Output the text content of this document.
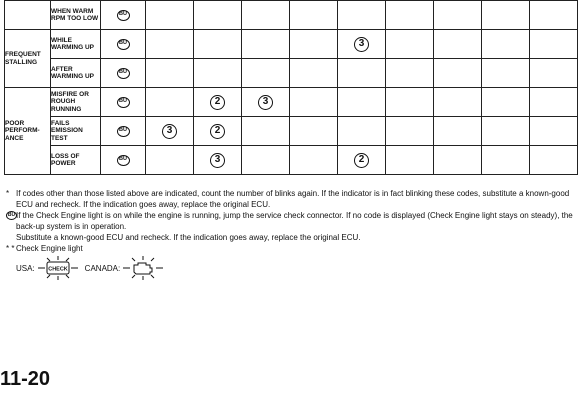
	WHEN WARM RPM TOO LOW	BU									
FREQUENT STALLING	WHILE WARMING UP	BU					3				
	AFTER WARMING UP	BU									
POOR PERFORM- ANCE	MISFIRE OR ROUGH RUNNING	BU		2	3						
	FAILS EMISSION TEST	BU	3	2							
	LOSS OF POWER	BU		3			2				
* If codes other than those listed above are indicated, count the number of blinks again. If the indicator is in fact blinking these codes, substitute a known-good ECU and recheck. If the indication goes away, replace the original ECU.
BU If the Check Engine light is on while the engine is running, jump the service check connector. If no code is displayed (Check Engine light stays on steady), the back-up system is in operation.
Substitute a known-good ECU and recheck. If the indication goes away, replace the original ECU.
* * Check Engine light
USA: CHECK CANADA:
11-20
